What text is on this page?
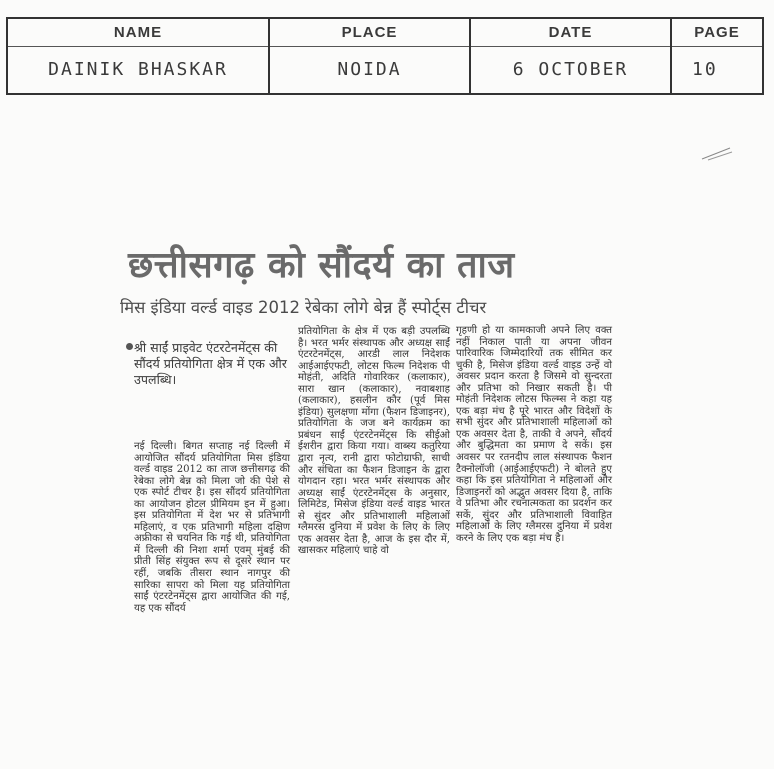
NAME
DAINIK BHASKAR
PLACE
NOIDA
DATE
6 OCTOBER
PAGE
10
छत्तीसगढ़ को सौंदर्य का ताज
मिस इंडिया वर्ल्ड वाइड 2012 रेबेका लोगे बेन्न हैं स्पोर्ट्स टीचर
श्री साईं प्राइवेट एंटरटेनमेंट्स की सौंदर्य प्रतियोगिता क्षेत्र में एक और उपलब्धि।

नई दिल्ली। बिगत सप्ताह नई दिल्ली में आयोजित सौंदर्य प्रतियोगिता मिस इंडिया वर्ल्ड वाइड 2012 का ताज छत्तीसगढ़ की रेबेका लोगे बेन्न को मिला जो की पेशे से एक स्पोर्ट टीचर है। इस सौंदर्य प्रतियोगिता का आयोजन होटल प्रीमियम इन में हुआ। इस प्रतियोगिता में देश भर से प्रतिभागी महिलाएं, व एक प्रतिभागी महिला दक्षिण अफ्रीका से चयनित कि गई थी, प्रतियोगिता में दिल्ली की निशा शर्मा एवम् मुंबई की प्रीती सिंह संयुक्त रूप से दूसरे स्थान पर रहीं, जबकि तीसरा स्थान नागपुर की सारिका सापरा को मिला यह प्रतियोगिता साईं एंटरटेनमेंट्स द्वारा आयोजित की गई, यह एक सौंदर्य

प्रतियोगिता के क्षेत्र में एक बड़ी उपलब्धि है। भरत भर्मर संस्थापक और अध्यक्ष साईं एंटरटेनमेंट्स, आरडी लाल निदेशक आईआईएफटी, लोटस फिल्म निदेशक पी मोहंती, अदिति गोवारिकर (कलाकार), सारा खान (कलाकार), नवाबशाह (कलाकार), हसलीन कौर (पूर्व मिस इंडिया) सुलक्षणा मोंगा (फैशन डिजाइनर), प्रतियोगिता के जज बने कार्यक्रम का प्रबंधन साईं एंटरटेनमेंट्स कि सीईओ ईशरीन द्वारा किया गया। वाब्स्य कतुरिया द्वारा नृत्य, रानी द्वारा फोटोग्राफी, साची और संचिता का फैशन डिजाइन के द्वारा योगदान रहा। भरत भर्मर संस्थापक और अध्यक्ष साईं एंटरटेनमेंट्स के अनुसार, लिमिटेड, मिसेज इंडिया वर्ल्ड वाइड भारत से सुंदर और प्रतिभाशाली महिलाओं ग्लैमरस दुनिया में प्रवेश के लिए के लिए एक अवसर देता है, आज के इस दौर में, खासकर महिलाएं चाहे वो

गृहणी हो या कामकाजी अपने लिए वक्त नहीं निकाल पाती या अपना जीवन पारिवारिक जिम्मेदारियों तक सीमित कर चुकी है, मिसेज इंडिया वर्ल्ड वाइड उन्हें वो अवसर प्रदान करता है जिसमे वो सुन्दरता और प्रतिभा को निखार सकती है। पी मोहंती निदेशक लोटस फिल्म्स ने कहा यह एक बड़ा मंच है पूरे भारत और विदेशों के सभी सुंदर और प्रतिभाशाली महिलाओं को एक अवसर देता है, ताकी वे अपने, सौंदर्य और बुद्धिमता का प्रमाण दे सकें। इस अवसर पर रतनदीप लाल संस्थापक फैशन टैक्नोलॉजी (आईआईएफटी) ने बोलते हुए कहा कि इस प्रतियोगिता ने महिलाओं और डिजाइनरों को अद्भुत अवसर दिया है, ताकि वे प्रतिभा और रचनात्मकता का प्रदर्शन कर सकें, सुंदर और प्रतिभाशाली विवाहित महिलाओं के लिए ग्लैमरस दुनिया में प्रवेश करने के लिए एक बड़ा मंच है।
